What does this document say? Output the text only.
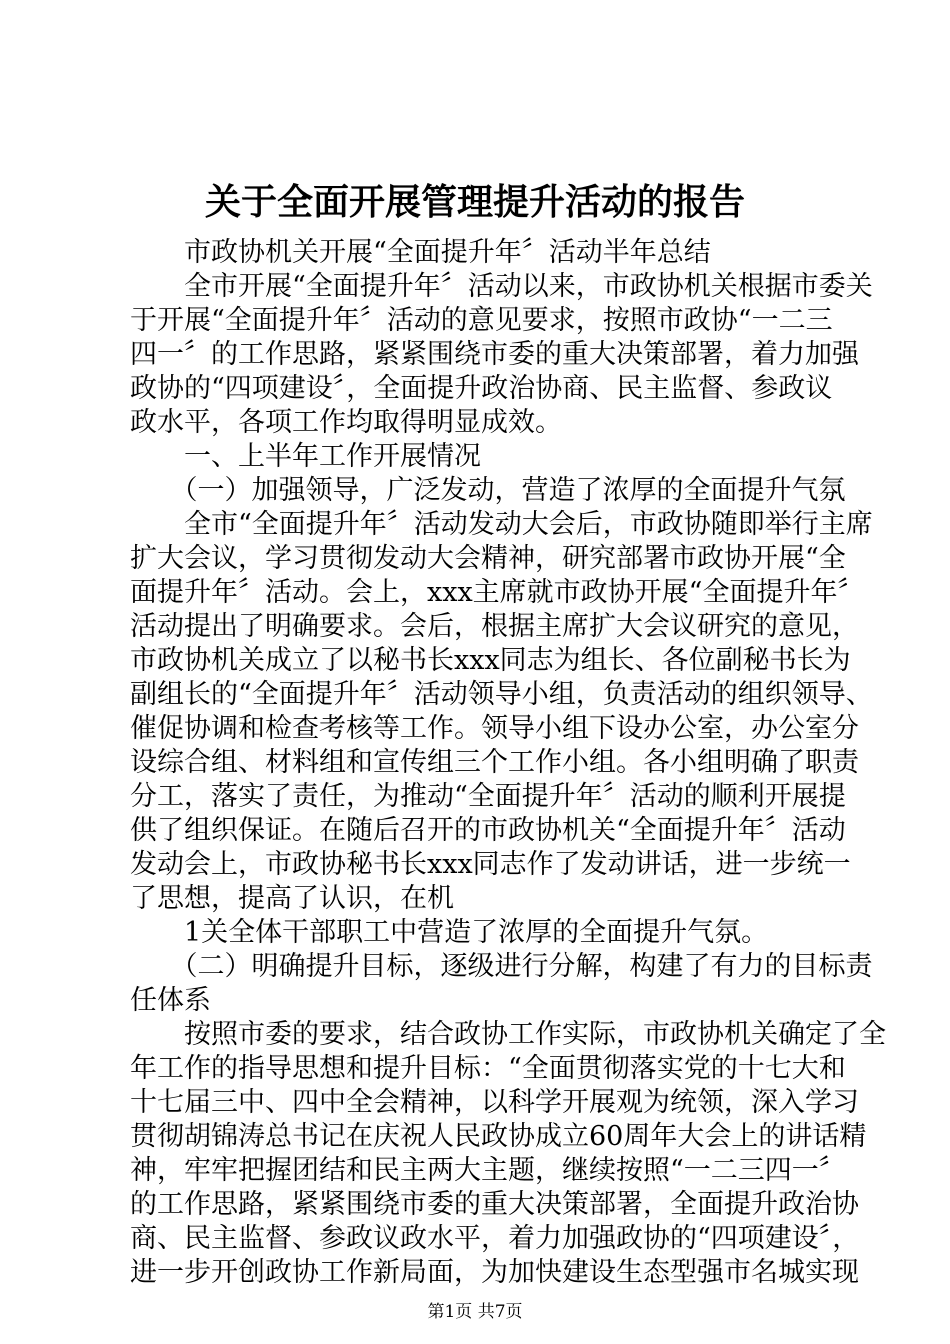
关于全面开展管理提升活动的报告
　　市政协机关开展“全面提升年〞活动半年总结
　　全市开展“全面提升年〞活动以来，市政协机关根据市委关
于开展“全面提升年〞活动的意见要求，按照市政协“一二三
四一〞的工作思路，紧紧围绕市委的重大决策部署，着力加强
政协的“四项建设〞，全面提升政治协商、民主监督、参政议
政水平，各项工作均取得明显成效。
　　一、上半年工作开展情况
　　（一）加强领导，广泛发动，营造了浓厚的全面提升气氛
　　全市“全面提升年〞活动发动大会后，市政协随即举行主席
扩大会议，学习贯彻发动大会精神，研究部署市政协开展“全
面提升年〞活动。会上，xxx主席就市政协开展“全面提升年〞
活动提出了明确要求。会后，根据主席扩大会议研究的意见，
市政协机关成立了以秘书长xxx同志为组长、各位副秘书长为
副组长的“全面提升年〞活动领导小组，负责活动的组织领导、
催促协调和检查考核等工作。领导小组下设办公室，办公室分
设综合组、材料组和宣传组三个工作小组。各小组明确了职责
分工，落实了责任，为推动“全面提升年〞活动的顺利开展提
供了组织保证。在随后召开的市政协机关“全面提升年〞活动
发动会上，市政协秘书长xxx同志作了发动讲话，进一步统一
了思想，提高了认识，在机
　　1关全体干部职工中营造了浓厚的全面提升气氛。
　　（二）明确提升目标，逐级进行分解，构建了有力的目标责
任体系
　　按照市委的要求，结合政协工作实际，市政协机关确定了全
年工作的指导思想和提升目标：“全面贯彻落实党的十七大和
十七届三中、四中全会精神，以科学开展观为统领，深入学习
贯彻胡锦涛总书记在庆祝人民政协成立60周年大会上的讲话精
神，牢牢把握团结和民主两大主题，继续按照“一二三四一〞
的工作思路，紧紧围绕市委的重大决策部署，全面提升政治协
商、民主监督、参政议政水平，着力加强政协的“四项建设〞，
进一步开创政协工作新局面，为加快建设生态型强市名城实现
第1页 共7页
